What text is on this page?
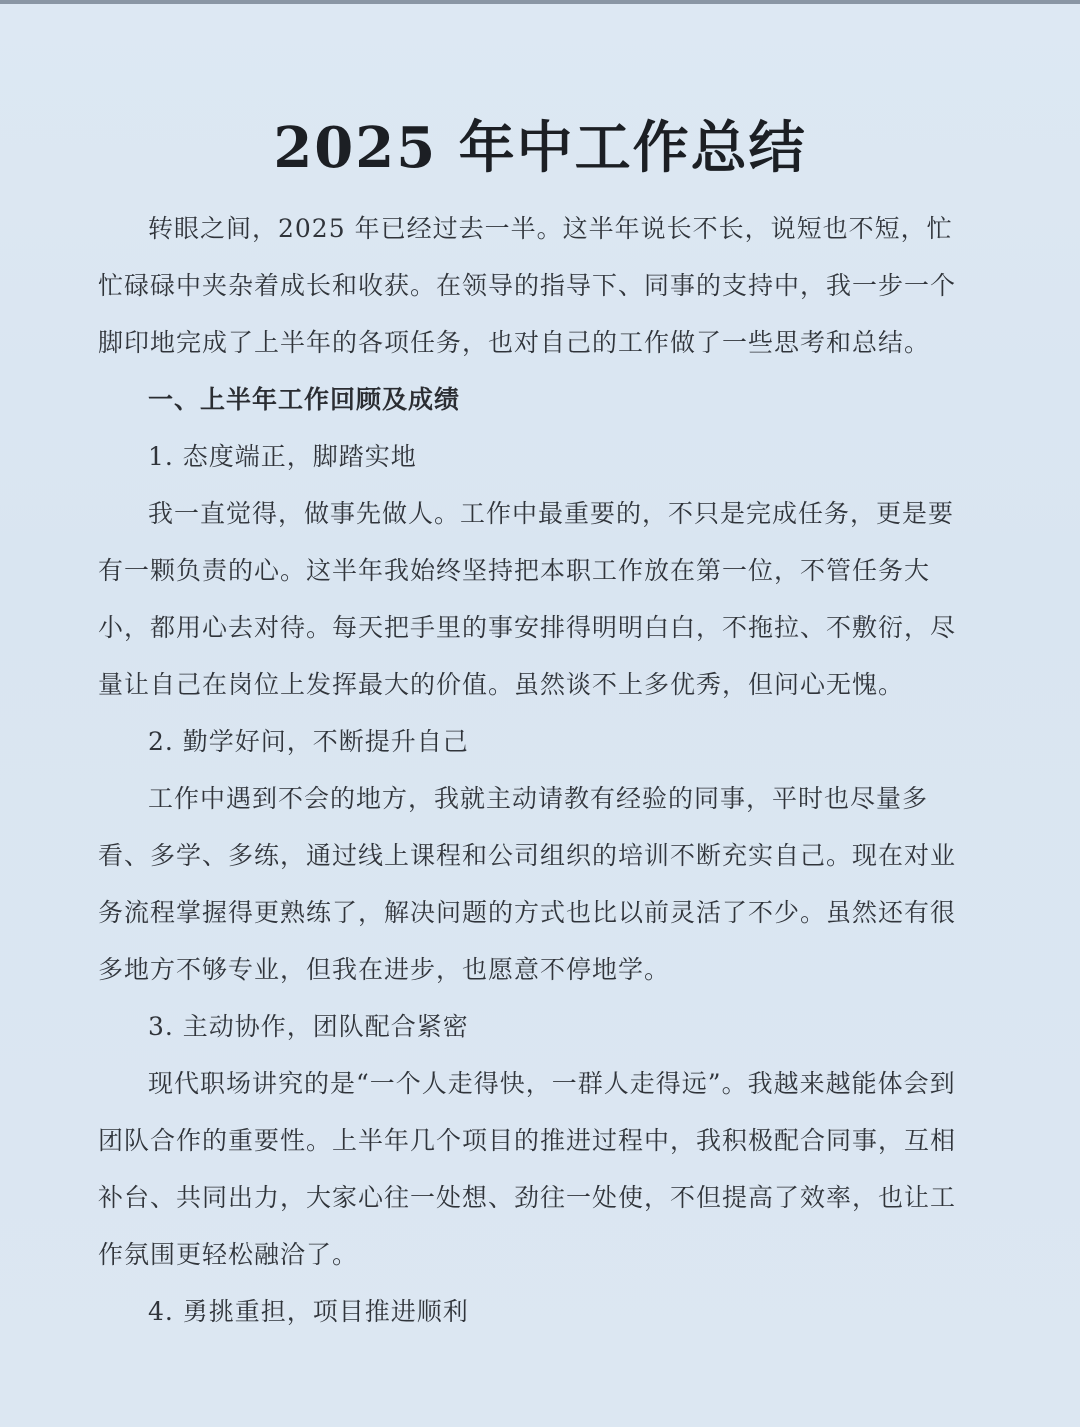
2025 年中工作总结

转眼之间，2025 年已经过去一半。这半年说长不长，说短也不短，忙忙碌碌中夹杂着成长和收获。在领导的指导下、同事的支持中，我一步一个脚印地完成了上半年的各项任务，也对自己的工作做了一些思考和总结。

一、上半年工作回顾及成绩

1. 态度端正，脚踏实地

我一直觉得，做事先做人。工作中最重要的，不只是完成任务，更是要有一颗负责的心。这半年我始终坚持把本职工作放在第一位，不管任务大小，都用心去对待。每天把手里的事安排得明明白白，不拖拉、不敷衍，尽量让自己在岗位上发挥最大的价值。虽然谈不上多优秀，但问心无愧。

2. 勤学好问，不断提升自己

工作中遇到不会的地方，我就主动请教有经验的同事，平时也尽量多看、多学、多练，通过线上课程和公司组织的培训不断充实自己。现在对业务流程掌握得更熟练了，解决问题的方式也比以前灵活了不少。虽然还有很多地方不够专业，但我在进步，也愿意不停地学。

3. 主动协作，团队配合紧密

现代职场讲究的是“一个人走得快，一群人走得远”。我越来越能体会到团队合作的重要性。上半年几个项目的推进过程中，我积极配合同事，互相补台、共同出力，大家心往一处想、劲往一处使，不但提高了效率，也让工作氛围更轻松融洽了。

4. 勇挑重担，项目推进顺利
